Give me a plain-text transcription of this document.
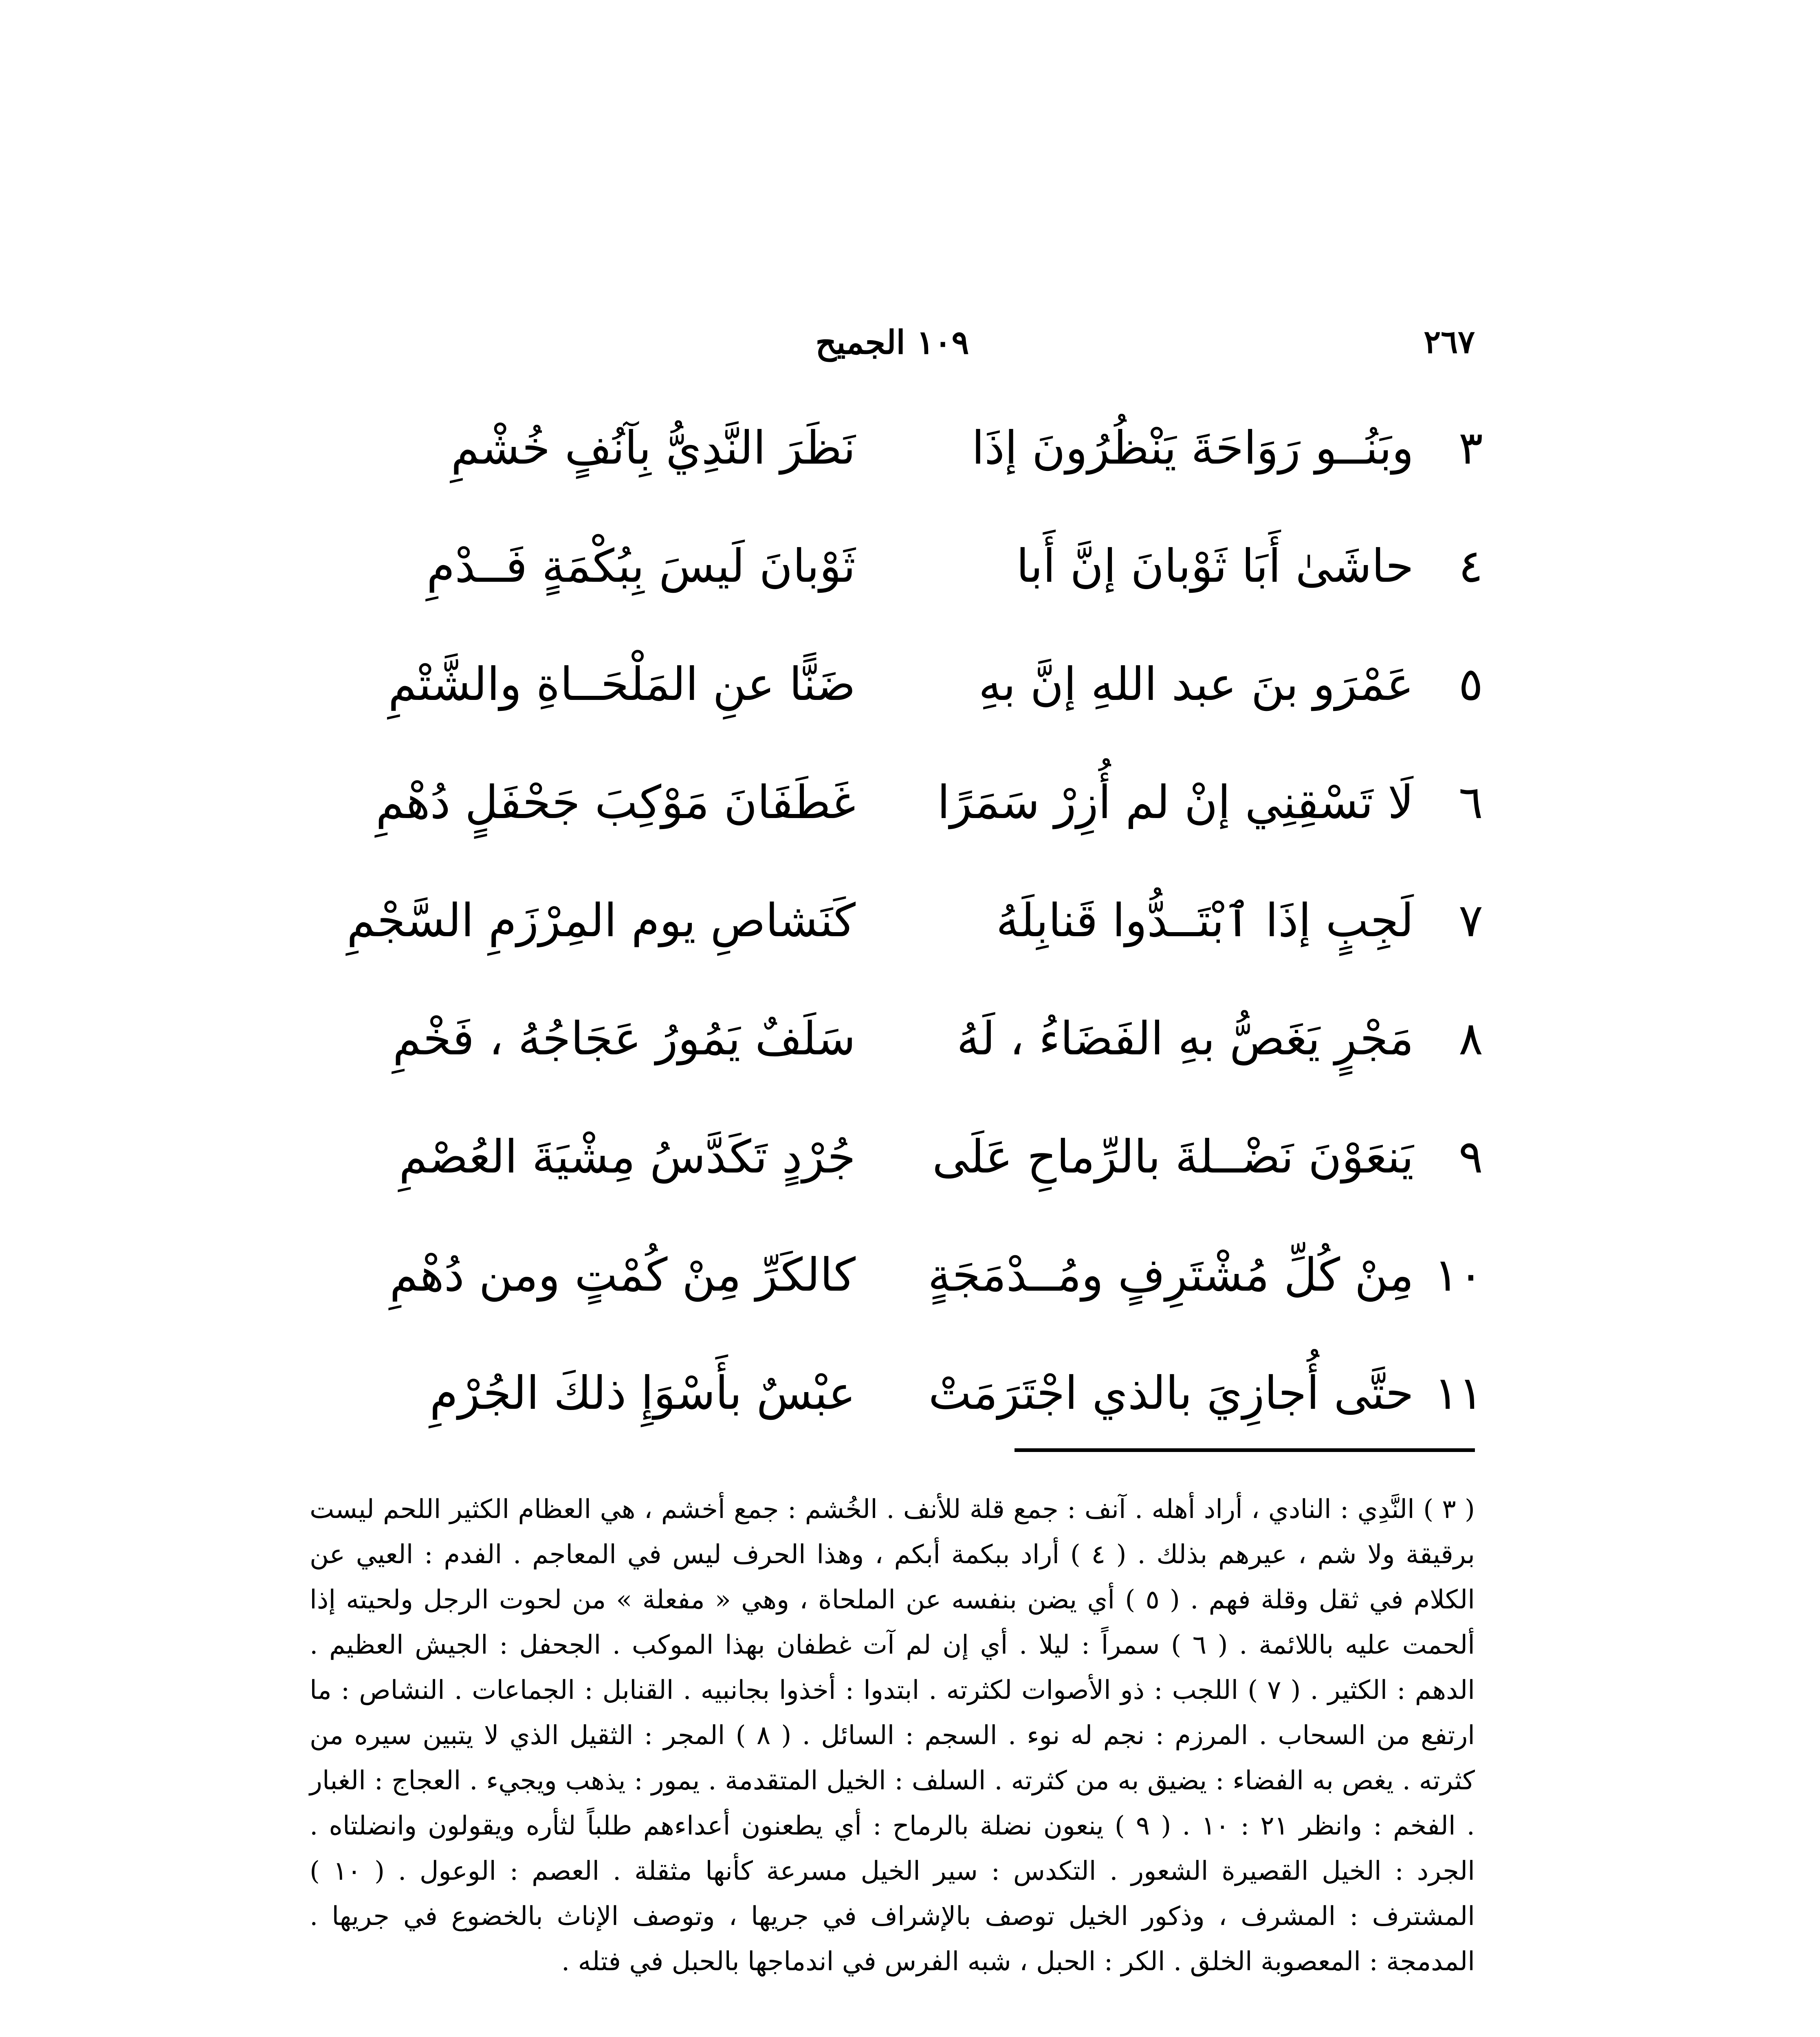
٢٦٧
١٠٩ الجميح
٣
وبَنُــو رَوَاحَةَ يَنْظُرُونَ إذَا
نَظَرَ النَّدِيُّ بِآنُفٍ خُشْمِ
٤
حاشَىٰ أَبَا ثَوْبانَ إنَّ أَبا
ثَوْبانَ لَيسَ بِبُكْمَةٍ فَــدْمِ
٥
عَمْرَو بنَ عبد اللهِ إنَّ بهِ
ضَنًّا عنِ المَلْحَــاةِ والشَّتْمِ
٦
لَا تَسْقِنِي إنْ لم أُزِرْ سَمَرًا
غَطَفَانَ مَوْكِبَ جَحْفَلٍ دُهْمِ
٧
لَجِبٍ إذَا ٱبْتَــدُّوا قَنابِلَهُ
كَنَشاصِ يوم المِرْزَمِ السَّجْمِ
٨
مَجْرٍ يَغَصُّ بهِ الفَضَاءُ ، لَهُ
سَلَفٌ يَمُورُ عَجَاجُهُ ، فَخْمِ
٩
يَنعَوْنَ نَضْــلةَ بالرِّماحِ عَلَى
جُرْدٍ تَكَدَّسُ مِشْيَةَ العُصْمِ
١٠
مِنْ كُلِّ مُشْتَرِفٍ ومُــدْمَجَةٍ
كالكَرِّ مِنْ كُمْتٍ ومن دُهْمِ
١١
حتَّى أُجازِيَ بالذي اجْتَرَمَتْ
عبْسٌ بأَسْوَإِ ذلكَ الجُرْمِ
( ٣ ) النَّدِي : النادي ، أراد أهله . آنف : جمع قلة للأنف . الخُشم : جمع أخشم ، هي العظام الكثير اللحم ليست برقيقة ولا شم ، عيرهم بذلك . ( ٤ ) أراد ببكمة أبكم ، وهذا الحرف ليس في المعاجم . الفدم : العيي عن الكلام في ثقل وقلة فهم . ( ٥ ) أي يضن بنفسه عن الملحاة ، وهي « مفعلة » من لحوت الرجل ولحيته إذا ألحمت عليه باللائمة . ( ٦ ) سمراً : ليلا . أي إن لم آت غطفان بهذا الموكب . الجحفل : الجيش العظيم . الدهم : الكثير . ( ٧ ) اللجب : ذو الأصوات لكثرته . ابتدوا : أخذوا بجانبيه . القنابل : الجماعات . النشاص : ما ارتفع من السحاب . المرزم : نجم له نوء . السجم : السائل . ( ٨ ) المجر : الثقيل الذي لا يتبين سيره من كثرته . يغص به الفضاء : يضيق به من كثرته . السلف : الخيل المتقدمة . يمور : يذهب ويجيء . العجاج : الغبار . الفخم : وانظر ٢١ : ١٠ . ( ٩ ) ينعون نضلة بالرماح : أي يطعنون أعداءهم طلباً لثأره ويقولون وانضلتاه . الجرد : الخيل القصيرة الشعور . التكدس : سير الخيل مسرعة كأنها مثقلة . العصم : الوعول . ( ١٠ ) المشترف : المشرف ، وذكور الخيل توصف بالإشراف في جريها ، وتوصف الإناث بالخضوع في جريها . المدمجة : المعصوبة الخلق . الكر : الحبل ، شبه الفرس في اندماجها بالحبل في فتله .
